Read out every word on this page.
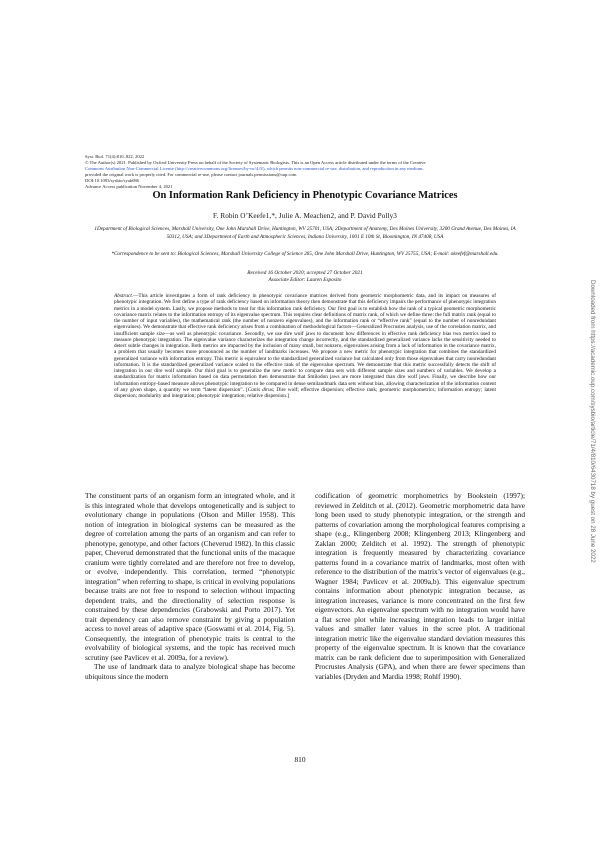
Syst. Biol. 71(4):810–822, 2022
© The Author(s) 2021. Published by Oxford University Press on behalf of the Society of Systematic Biologists. This is an Open Access article distributed under the terms of the Creative
Commons Attribution Non-Commercial License (http://creativecommons.org/licenses/by-nc/4.0/), which permits non-commercial re-use, distribution, and reproduction in any medium,
provided the original work is properly cited. For commercial re-use, please contact journals.permissions@oup.com
DOI:10.1093/sysbio/syab086
Advance Access publication November 4, 2021
On Information Rank Deficiency in Phenotypic Covariance Matrices
F. Robin O’Keefe1,*, Julie A. Meachen2, and P. David Polly3
1Department of Biological Sciences, Marshall University, One John Marshall Drive, Huntington, WV 25701, USA; 2Department of Anatomy, Des Moines University, 3200 Grand Avenue, Des Moines, IA 50312, USA; and 3Department of Earth and Atmospheric Sciences, Indiana University, 1001 E 10th St, Bloomington, IN 47408, USA
*Correspondence to be sent to: Biological Sciences, Marshall University College of Science 265, One John Marshall Drive, Huntington, WV 25755, USA; E-mail: okeefef@marshall.edu.
Received 16 October 2020; accepted 27 October 2021
Associate Editor: Lauren Esposito
Abstract.—This article investigates a form of rank deficiency in phenotypic covariance matrices derived from geometric morphometric data, and its impact on measures of phenotypic integration. We first define a type of rank deficiency based on information theory then demonstrate that this deficiency impairs the performance of phenotypic integration metrics in a model system. Lastly, we propose methods to treat for this information rank deficiency. Our first goal is to establish how the rank of a typical geometric morphometric covariance matrix relates to the information entropy of its eigenvalue spectrum. This requires clear definitions of matrix rank, of which we define three: the full matrix rank (equal to the number of input variables), the mathematical rank (the number of nonzero eigenvalues), and the information rank or “effective rank” (equal to the number of nonredundant eigenvalues). We demonstrate that effective rank deficiency arises from a combination of methodological factors—Generalized Procrustes analysis, use of the correlation matrix, and insufficient sample size—as well as phenotypic covariance. Secondly, we use dire wolf jaws to document how differences in effective rank deficiency bias two metrics used to measure phenotypic integration. The eigenvalue variance characterizes the integration change incorrectly, and the standardized generalized variance lacks the sensitivity needed to detect subtle changes in integration. Both metrics are impacted by the inclusion of many small, but nonzero, eigenvalues arising from a lack of information in the covariance matrix, a problem that usually becomes more pronounced as the number of landmarks increases. We propose a new metric for phenotypic integration that combines the standardized generalized variance with information entropy. This metric is equivalent to the standardized generalized variance but calculated only from those eigenvalues that carry nonredundant information. It is the standardized generalized variance scaled to the effective rank of the eigenvalue spectrum. We demonstrate that this metric successfully detects the shift of integration in our dire wolf sample. Our third goal is to generalize the new metric to compare data sets with different sample sizes and numbers of variables. We develop a standardization for matrix information based on data permutation then demonstrate that Smilodon jaws are more integrated than dire wolf jaws. Finally, we describe how our information entropy-based measure allows phenotypic integration to be compared in dense semilandmark data sets without bias, allowing characterization of the information content of any given shape, a quantity we term “latent dispersion”. [Canis dirus; Dire wolf; effective dispersion; effective rank; geometric morphometrics; information entropy; latent dispersion; modularity and integration; phenotypic integration; relative dispersion.]

The constituent parts of an organism form an integrated whole, and it is this integrated whole that develops ontogenetically and is subject to evolutionary change in populations (Olson and Miller 1958). This notion of integration in biological systems can be measured as the degree of correlation among the parts of an organism and can refer to phenotype, genotype, and other factors (Cheverud 1982). In this classic paper, Cheverud demonstrated that the functional units of the macaque cranium were tightly correlated and are therefore not free to develop, or evolve, independently. This correlation, termed “phenotypic integration” when referring to shape, is critical in evolving populations because traits are not free to respond to selection without impacting dependent traits, and the directionality of selection response is constrained by these dependencies (Grabowski and Porto 2017). Yet trait dependency can also remove constraint by giving a population access to novel areas of adaptive space (Goswami et al. 2014, Fig. 5). Consequently, the integration of phenotypic traits is central to the evolvability of biological systems, and the topic has received much scrutiny (see Pavlicev et al. 2009a, for a review).

The use of landmark data to analyze biological shape has become ubiquitous since the modern

codification of geometric morphometrics by Bookstein (1997); reviewed in Zelditch et al. (2012). Geometric morphometric data have long been used to study phenotypic integration, or the strength and patterns of covariation among the morphological features comprising a shape (e.g., Klingenberg 2008; Klingenberg 2013; Klingenberg and Zaklan 2000; Zelditch et al. 1992). The strength of phenotypic integration is frequently measured by characterizing covariance patterns found in a covariance matrix of landmarks, most often with reference to the distribution of the matrix’s vector of eigenvalues (e.g., Wagner 1984; Pavlicev et al. 2009a,b). This eigenvalue spectrum contains information about phenotypic integration because, as integration increases, variance is more concentrated on the first few eigenvectors. An eigenvalue spectrum with no integration would have a flat scree plot while increasing integration leads to larger initial values and smaller later values in the scree plot. A traditional integration metric like the eigenvalue standard deviation measures this property of the eigenvalue spectrum. It is known that the covariance matrix can be rank deficient due to superimposition with Generalized Procrustes Analysis (GPA), and when there are fewer specimens than variables (Dryden and Mardia 1998; Rohlf 1990).

810
Downloaded from https://academic.oup.com/sysbio/article/71/4/810/6430718 by guest on 28 June 2022
